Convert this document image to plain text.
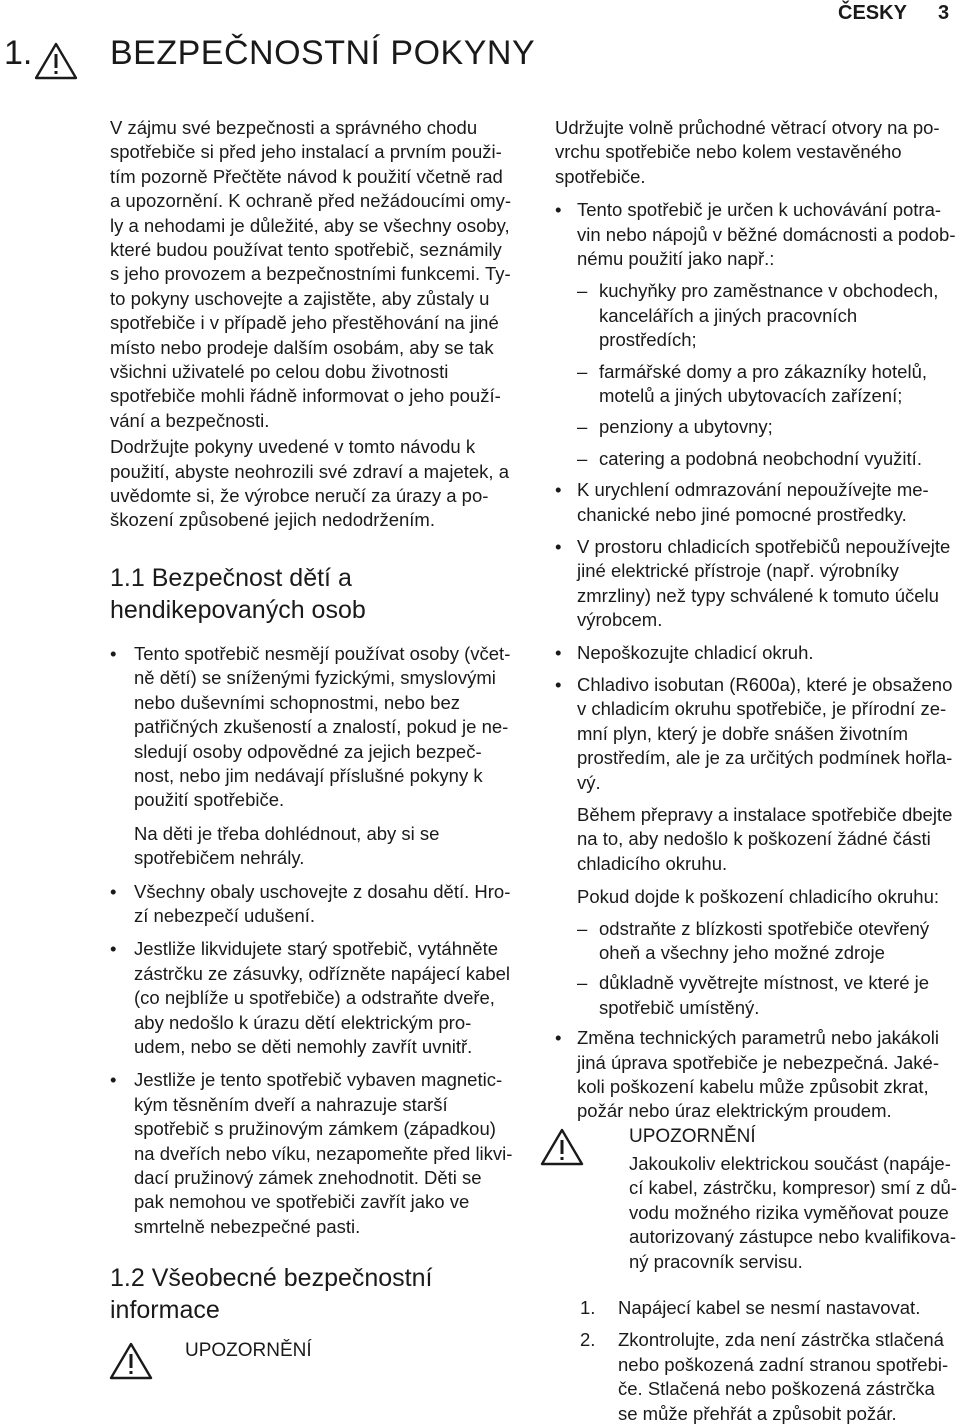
ČESKY 3
1. BEZPEČNOSTNÍ POKYNY
V zájmu své bezpečnosti a správného chodu
spotřebiče si před jeho instalací a prvním použi-
tím pozorně Přečtěte návod k použití včetně rad
a upozornění. K ochraně před nežádoucími omy-
ly a nehodami je důležité, aby se všechny osoby,
které budou používat tento spotřebič, seznámily
s jeho provozem a bezpečnostními funkcemi. Ty-
to pokyny uschovejte a zajistěte, aby zůstaly u
spotřebiče i v případě jeho přestěhování na jiné
místo nebo prodeje dalším osobám, aby se tak
všichni uživatelé po celou dobu životnosti
spotřebiče mohli řádně informovat o jeho použí-
vání a bezpečnosti.
Dodržujte pokyny uvedené v tomto návodu k
použití, abyste neohrozili své zdraví a majetek, a
uvědomte si, že výrobce neručí za úrazy a po-
škození způsobené jejich nedodržením.
1.1 Bezpečnost dětí a
hendikepovaných osob
• Tento spotřebič nesmějí používat osoby (včet-
ně dětí) se sníženými fyzickými, smyslovými
nebo duševními schopnostmi, nebo bez
patřičných zkušeností a znalostí, pokud je ne-
sledují osoby odpovědné za jejich bezpeč-
nost, nebo jim nedávají příslušné pokyny k
použití spotřebiče.
Na děti je třeba dohlédnout, aby si se
spotřebičem nehrály.
• Všechny obaly uschovejte z dosahu dětí. Hro-
zí nebezpečí udušení.
• Jestliže likvidujete starý spotřebič, vytáhněte
zástrčku ze zásuvky, odřízněte napájecí kabel
(co nejblíže u spotřebiče) a odstraňte dveře,
aby nedošlo k úrazu dětí elektrickým pro-
udem, nebo se děti nemohly zavřít uvnitř.
• Jestliže je tento spotřebič vybaven magnetic-
kým těsněním dveří a nahrazuje starší
spotřebič s pružinovým zámkem (západkou)
na dveřích nebo víku, nezapomeňte před likvi-
dací pružinový zámek znehodnotit. Děti se
pak nemohou ve spotřebiči zavřít jako ve
smrtelně nebezpečné pasti.
1.2 Všeobecné bezpečnostní
informace
UPOZORNĚNÍ
Udržujte volně průchodné větrací otvory na po-
vrchu spotřebiče nebo kolem vestavěného
spotřebiče.
• Tento spotřebič je určen k uchovávání potra-
vin nebo nápojů v běžné domácnosti a podob-
nému použití jako např.:
– kuchyňky pro zaměstnance v obchodech,
kancelářích a jiných pracovních
prostředích;
– farmářské domy a pro zákazníky hotelů,
motelů a jiných ubytovacích zařízení;
– penziony a ubytovny;
– catering a podobná neobchodní využití.
• K urychlení odmrazování nepoužívejte me-
chanické nebo jiné pomocné prostředky.
• V prostoru chladicích spotřebičů nepoužívejte
jiné elektrické přístroje (např. výrobníky
zmrzliny) než typy schválené k tomuto účelu
výrobcem.
• Nepoškozujte chladicí okruh.
• Chladivo isobutan (R600a), které je obsaženo
v chladicím okruhu spotřebiče, je přírodní ze-
mní plyn, který je dobře snášen životním
prostředím, ale je za určitých podmínek hořla-
vý.
Během přepravy a instalace spotřebiče dbejte
na to, aby nedošlo k poškození žádné části
chladicího okruhu.
Pokud dojde k poškození chladicího okruhu:
– odstraňte z blízkosti spotřebiče otevřený
oheň a všechny jeho možné zdroje
– důkladně vyvětrejte místnost, ve které je
spotřebič umístěný.
• Změna technických parametrů nebo jakákoli
jiná úprava spotřebiče je nebezpečná. Jaké-
koli poškození kabelu může způsobit zkrat,
požár nebo úraz elektrickým proudem.
UPOZORNĚNÍ
Jakoukoliv elektrickou součást (napáje-
cí kabel, zástrčku, kompresor) smí z dů-
vodu možného rizika vyměňovat pouze
autorizovaný zástupce nebo kvalifikova-
ný pracovník servisu.
1. Napájecí kabel se nesmí nastavovat.
2. Zkontrolujte, zda není zástrčka stlačená
nebo poškozená zadní stranou spotřebi-
če. Stlačená nebo poškozená zástrčka
se může přehřát a způsobit požár.
